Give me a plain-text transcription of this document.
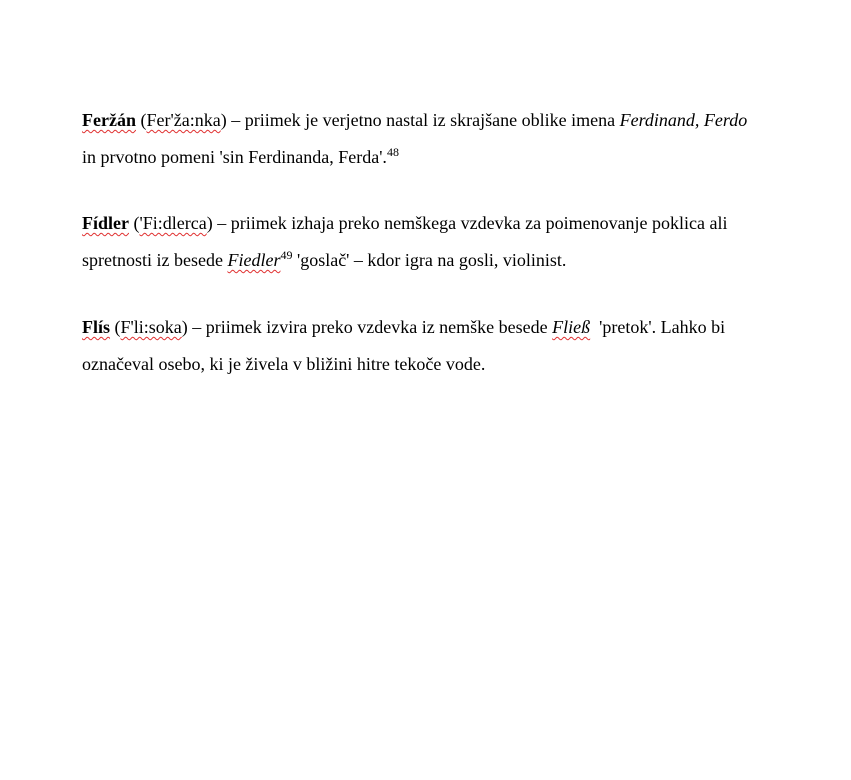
Feržán (Fer'ža:nka) – priimek je verjetno nastal iz skrajšane oblike imena Ferdinand, Ferdo
in prvotno pomeni 'sin Ferdinanda, Ferda'.$^{48}$
Fídler ('Fi:dlerca) – priimek izhaja preko nemškega vzdevka za poimenovanje poklica ali
spretnosti iz besede Fiedler$^{49}$ 'goslač' – kdor igra na gosli, violinist.
Flís (F'li:soka) – priimek izvira preko vzdevka iz nemške besede Fließ  'pretok'. Lahko bi
označeval osebo, ki je živela v bližini hitre tekoče vode.
